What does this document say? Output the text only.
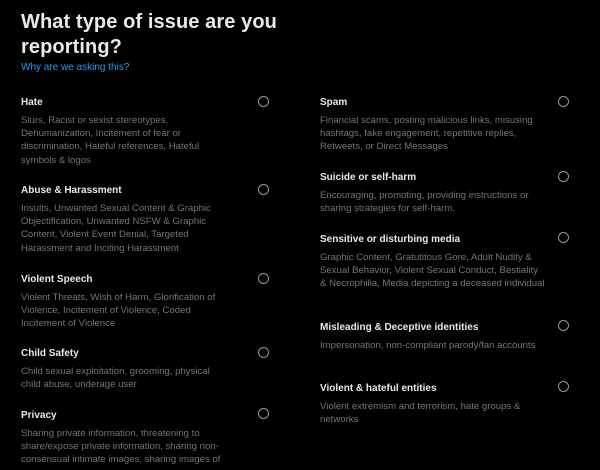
What type of issue are you reporting?
Why are we asking this?
Hate
Slurs, Racist or sexist stereotypes, Dehumanization, Incitement of fear or discrimination, Hateful references, Hateful symbols & logos
Abuse & Harassment
Insults, Unwanted Sexual Content & Graphic Objectification, Unwanted NSFW & Graphic Content, Violent Event Denial, Targeted Harassment and Inciting Harassment
Violent Speech
Violent Threats, Wish of Harm, Glorification of Violence, Incitement of Violence, Coded Incitement of Violence
Child Safety
Child sexual exploitation, grooming, physical child abuse, underage user
Privacy
Sharing private information, threatening to share/expose private information, sharing non-consensual intimate images, sharing images of
Spam
Financial scams, posting malicious links, misusing hashtags, fake engagement, repetitive replies, Retweets, or Direct Messages
Suicide or self-harm
Encouraging, promoting, providing instructions or sharing strategies for self-harm.
Sensitive or disturbing media
Graphic Content, Gratutitous Gore, Adult Nudity & Sexual Behavior, Violent Sexual Conduct, Bestiality & Necrophilia, Media depicting a deceased individual
Misleading & Deceptive identities
Impersonation, non-compliant parody/fan accounts
Violent & hateful entities
Violent extremism and terrorism, hate groups & networks
